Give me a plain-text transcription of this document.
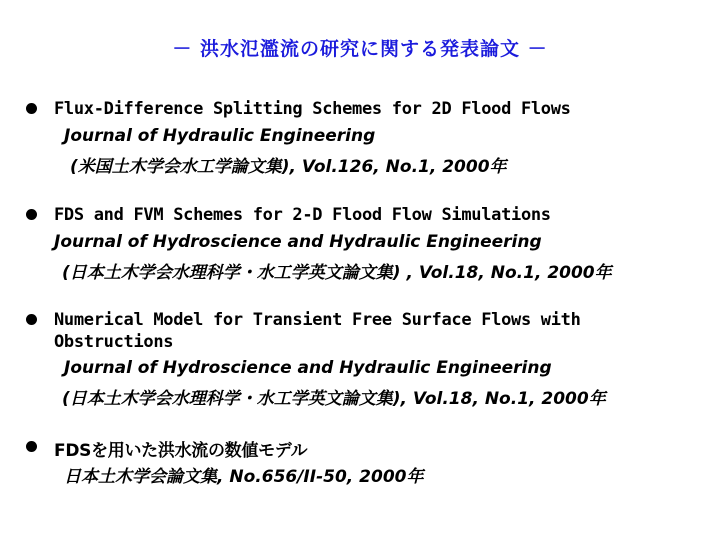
－ 洪水氾濫流の研究に関する発表論文 －
Flux-Difference Splitting Schemes for 2D Flood Flows
Journal of Hydraulic Engineering
(米国土木学会水工学論文集), Vol.126, No.1, 2000年
FDS and FVM Schemes for 2-D Flood Flow Simulations
Journal of Hydroscience and Hydraulic Engineering
(日本土木学会水理科学・水工学英文論文集) , Vol.18, No.1, 2000年
Numerical Model for Transient Free Surface Flows with
Obstructions
Journal of Hydroscience and Hydraulic Engineering
(日本土木学会水理科学・水工学英文論文集), Vol.18, No.1, 2000年
FDSを用いた洪水流の数値モデル
日本土木学会論文集, No.656/II-50, 2000年
